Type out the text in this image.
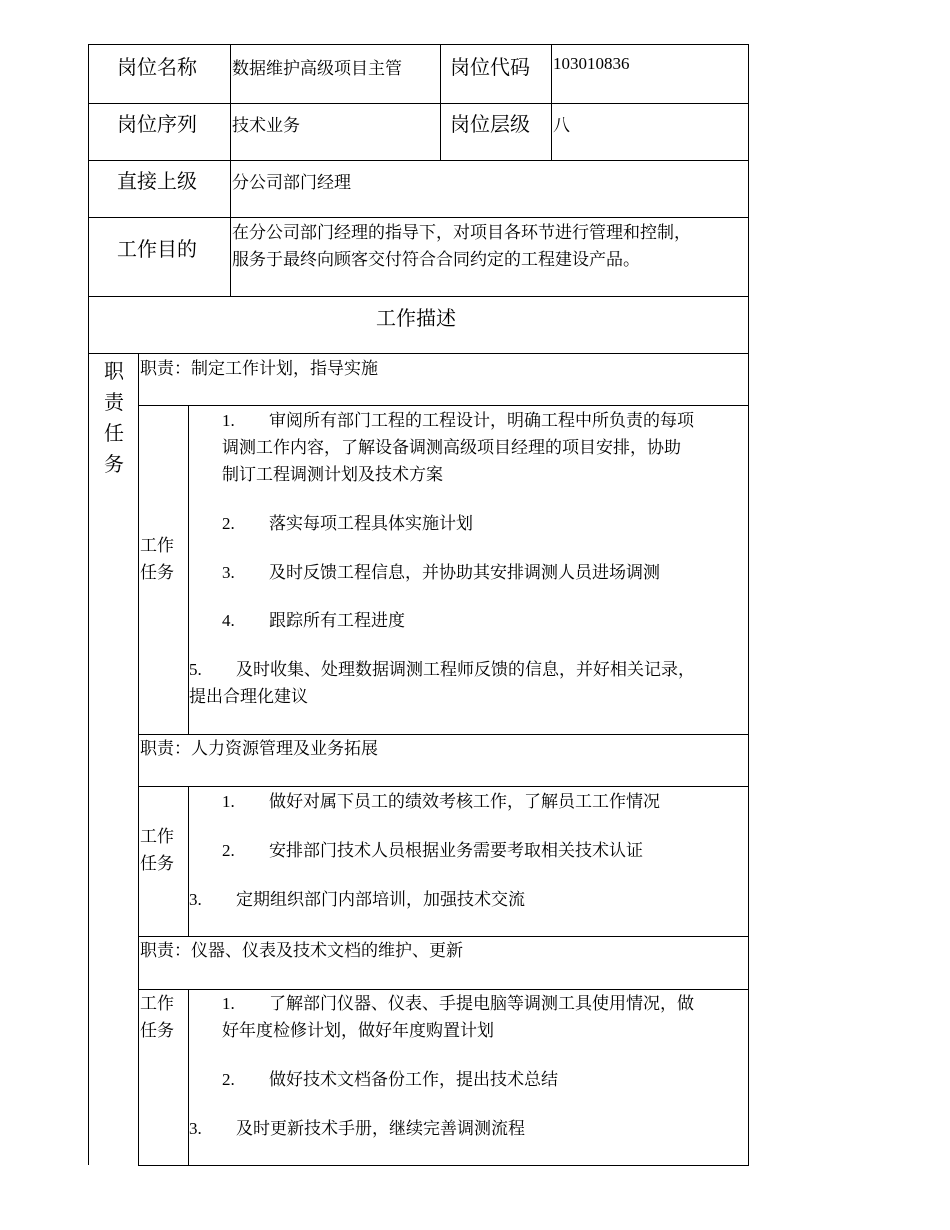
岗位名称 数据维护高级项目主管 岗位代码 103010836
岗位序列 技术业务	岗位层级 八
直接上级 分公司部门经理
工作目的
在分公司部门经理的指导下，对项目各环节进行管理和控制，
服务于最终向顾客交付符合合同约定的工程建设产品。
工作描述
职
责
任
务
职责：制定工作计划，指导实施
工作
任务
1. 审阅所有部门工程的工程设计，明确工程中所负责的每项
调测工作内容，了解设备调测高级项目经理的项目安排，协助
制订工程调测计划及技术方案
2. 落实每项工程具体实施计划
3. 及时反馈工程信息，并协助其安排调测人员进场调测
4. 跟踪所有工程进度
5. 及时收集、处理数据调测工程师反馈的信息，并好相关记录，
提出合理化建议
职责：人力资源管理及业务拓展
工作
任务
1. 做好对属下员工的绩效考核工作，了解员工工作情况
2. 安排部门技术人员根据业务需要考取相关技术认证
3. 定期组织部门内部培训，加强技术交流
职责：仪器、仪表及技术文档的维护、更新
工作
任务
1. 了解部门仪器、仪表、手提电脑等调测工具使用情况，做
好年度检修计划，做好年度购置计划
2. 做好技术文档备份工作，提出技术总结
3. 及时更新技术手册，继续完善调测流程
